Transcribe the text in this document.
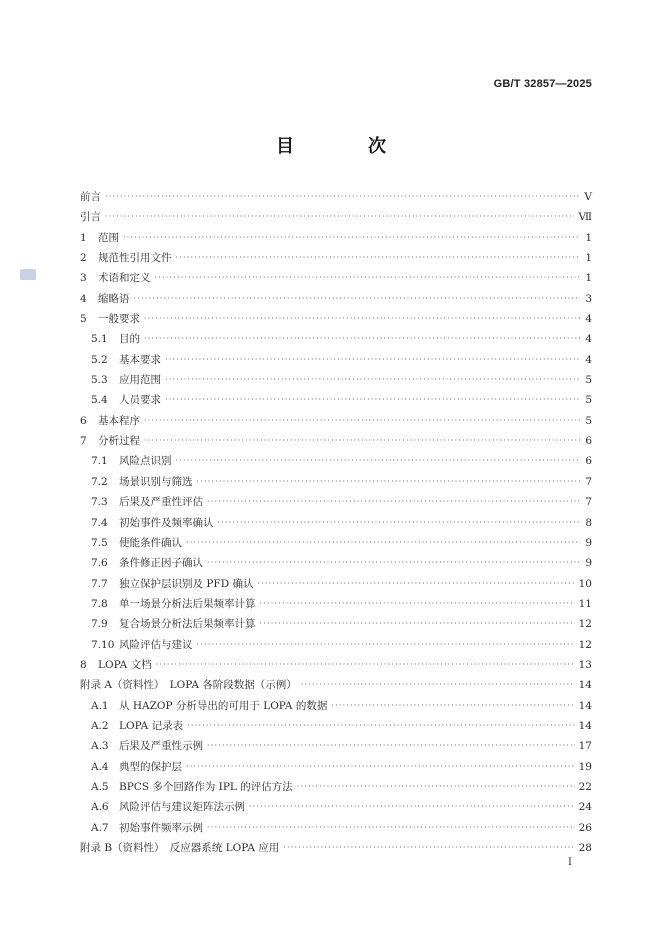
GB/T 32857—2025
目　次
前言 ·····	Ⅴ
引言 ·····	Ⅶ
1	范围 ·····	1
2	规范性引用文件 ·····	1
3	术语和定义 ·····	1
4	缩略语 ·····	3
5	一般要求 ·····	4
5.1	目的 ·····	4
5.2	基本要求 ·····	4
5.3	应用范围 ·····	5
5.4	人员要求 ·····	5
6	基本程序 ·····	5
7	分析过程 ·····	6
7.1	风险点识别 ·····	6
7.2	场景识别与筛选 ·····	7
7.3	后果及严重性评估 ·····	7
7.4	初始事件及频率确认 ·····	8
7.5	使能条件确认 ·····	9
7.6	条件修正因子确认 ·····	9
7.7	独立保护层识别及 PFD 确认 ·····	10
7.8	单一场景分析法后果频率计算 ·····	11
7.9	复合场景分析法后果频率计算 ·····	12
7.10 风险评估与建议 ·····	12
8	LOPA 文档 ·····	13
附录 A（资料性）　LOPA 各阶段数据（示例） ·····	14
A.1 从 HAZOP 分析导出的可用于 LOPA 的数据 ·····	14
A.2 LOPA 记录表 ·····	14
A.3 后果及严重性示例 ·····	17
A.4 典型的保护层 ·····	19
A.5 BPCS 多个回路作为 IPL 的评估方法 ·····	22
A.6 风险评估与建议矩阵法示例 ·····	24
A.7 初始事件频率示例 ·····	26
附录 B（资料性）　反应器系统 LOPA 应用 ·····	28
Ⅰ
